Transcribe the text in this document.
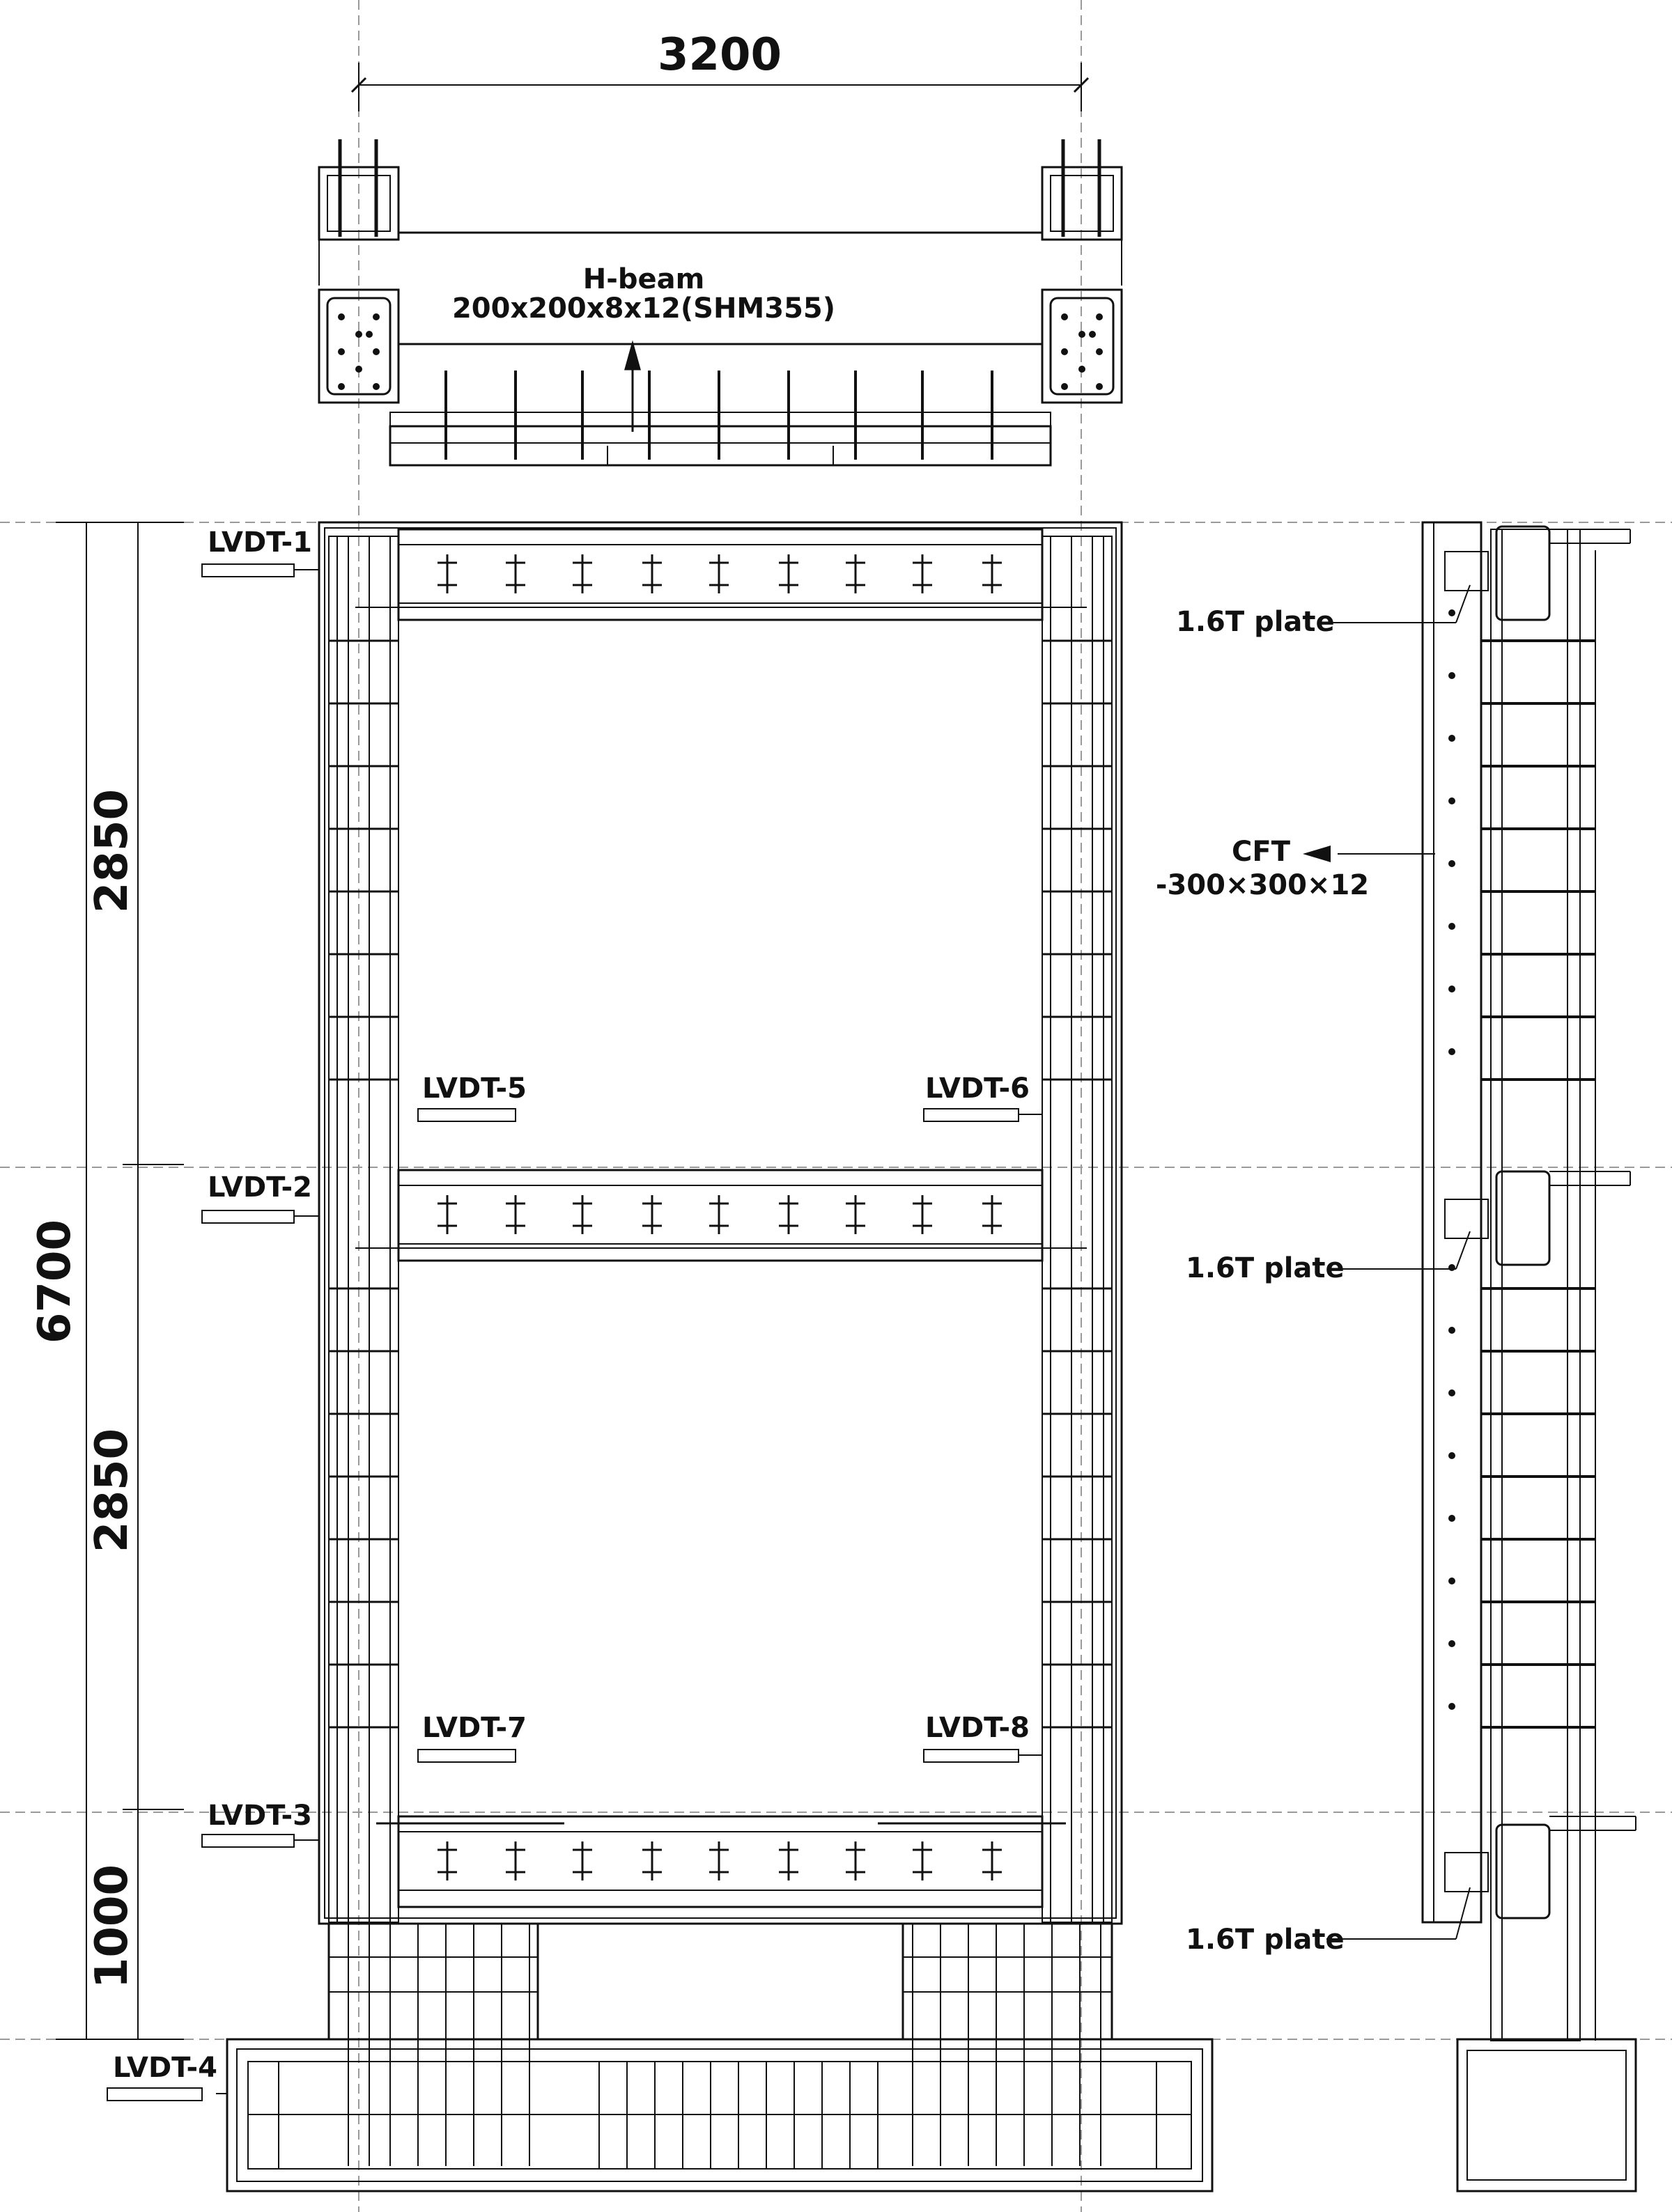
3200
6700
2850
2850
1000
H-beam
200x200x8x12(SHM355)
CFT
-300×300×12
1.6T plate
1.6T plate
1.6T plate
LVDT-1
LVDT-2
LVDT-3
LVDT-4
LVDT-5	LVDT-6
LVDT-7	LVDT-8
